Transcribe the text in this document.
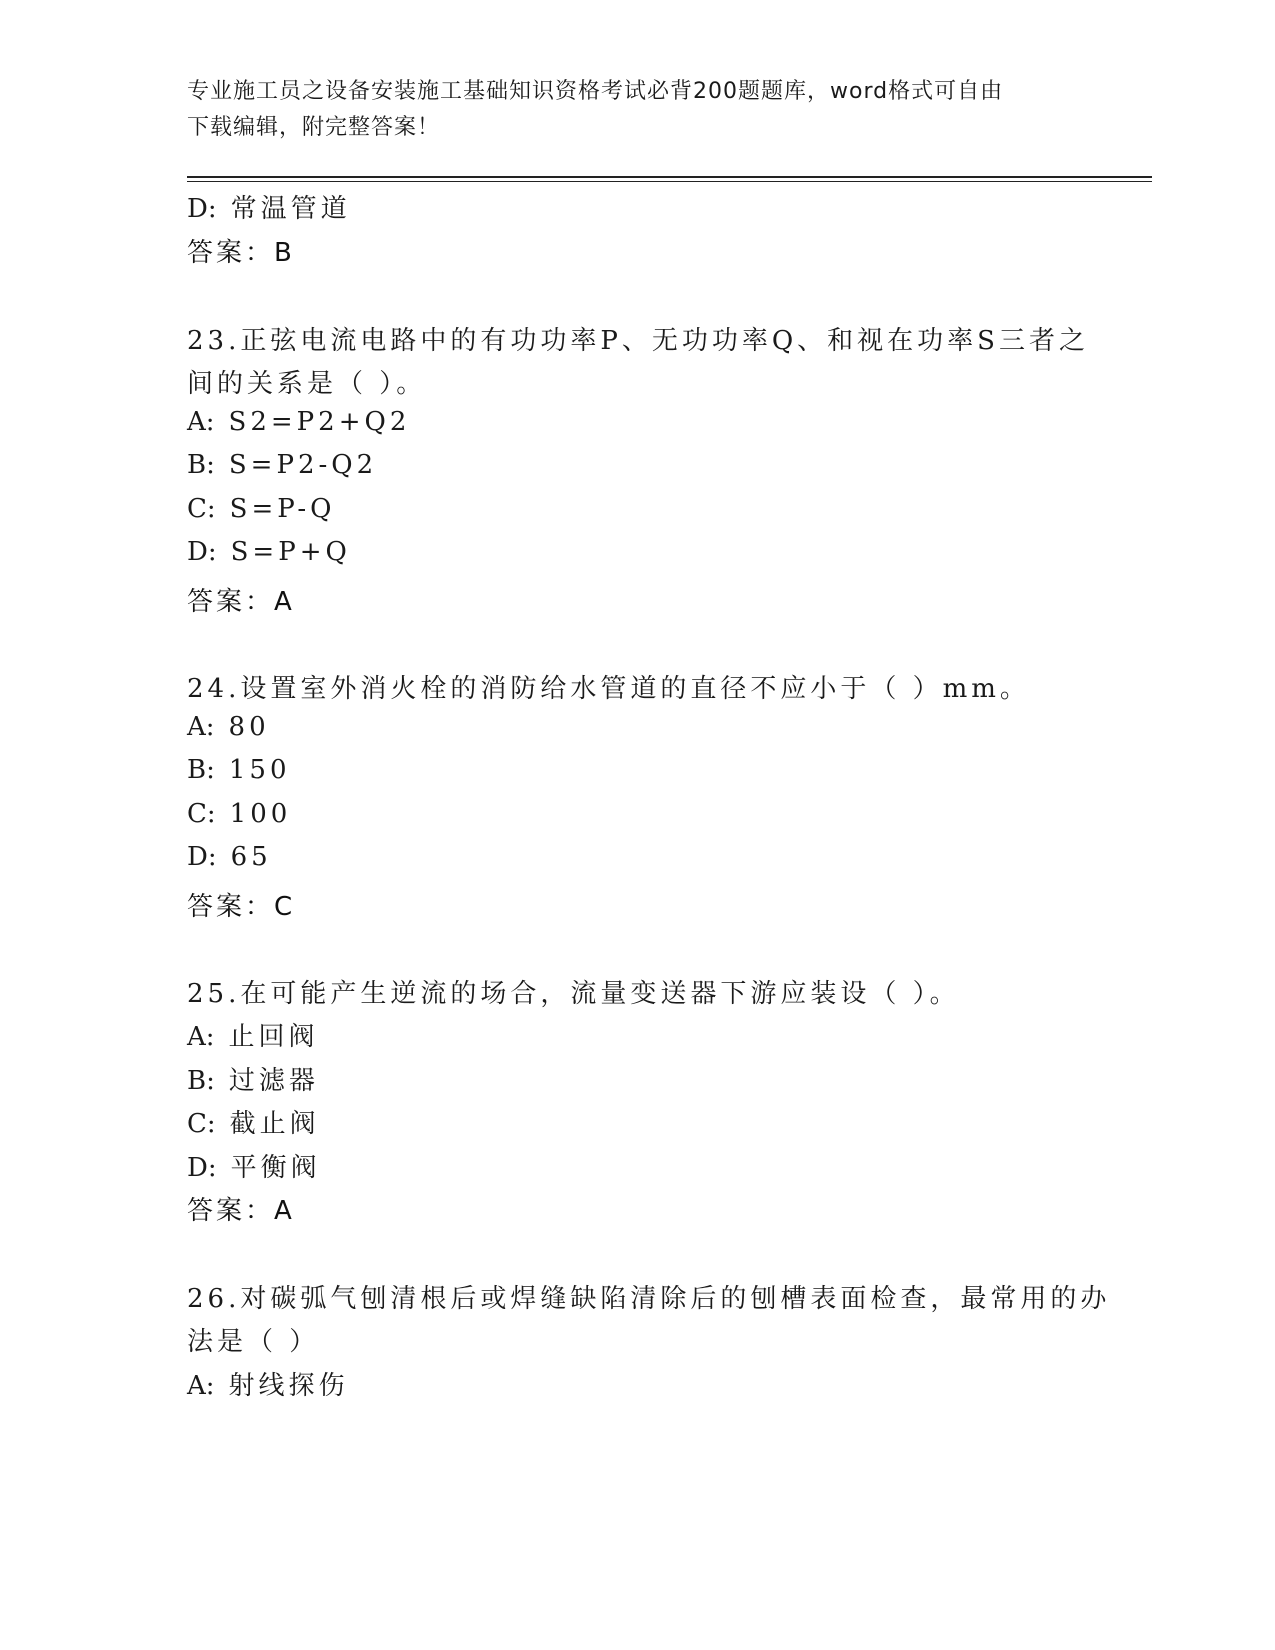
专业施工员之设备安装施工基础知识资格考试必背200题题库，word格式可自由
下载编辑，附完整答案！
D: 常温管道
答案：B
23.正弦电流电路中的有功功率P、无功功率Q、和视在功率S三者之
间的关系是（ ）。
A: S2=P2+Q2
B: S=P2-Q2
C: S=P-Q
D: S=P+Q
答案：A
24.设置室外消火栓的消防给水管道的直径不应小于（ ）mm。
A: 80
B: 150
C: 100
D: 65
答案：C
25.在可能产生逆流的场合，流量变送器下游应装设（ ）。
A: 止回阀
B: 过滤器
C: 截止阀
D: 平衡阀
答案：A
26.对碳弧气刨清根后或焊缝缺陷清除后的刨槽表面检查，最常用的办
法是（ ）
A: 射线探伤
